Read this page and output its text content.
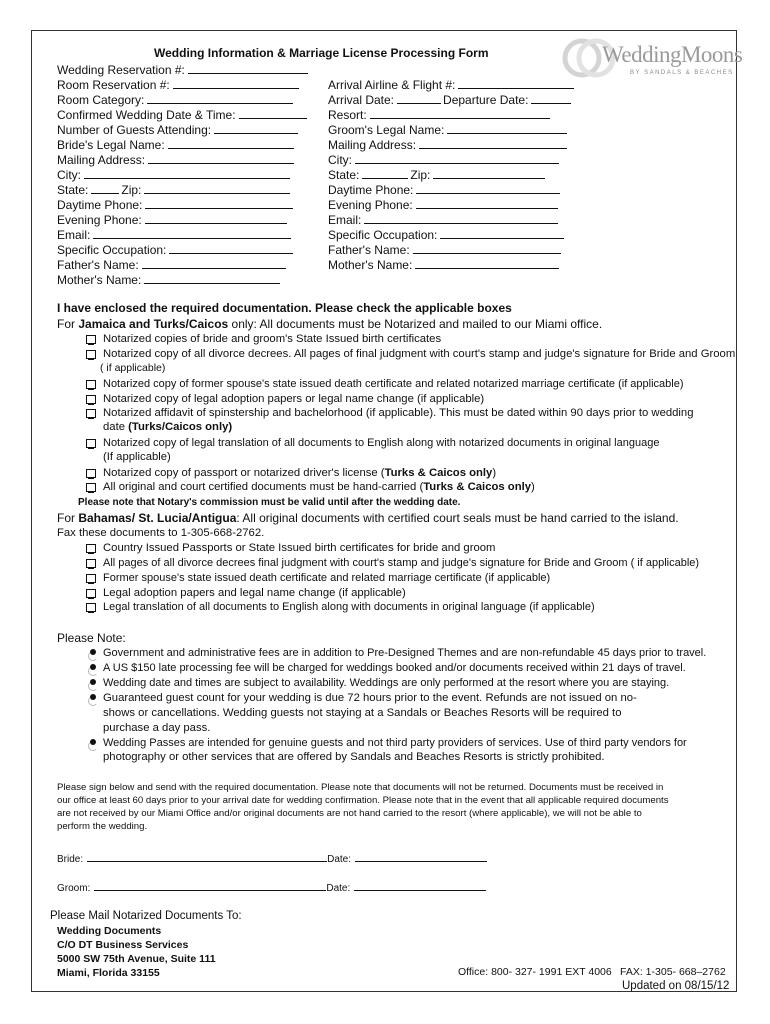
Wedding Information & Marriage License Processing Form	WeddingMoons
BY SANDALS & BEACHES
Wedding Reservation #:
Room Reservation #:
Room Category:
Confirmed Wedding Date & Time:
Number of Guests Attending:
Bride's Legal Name:
Mailing Address:
City:
State:	Zip:
Daytime Phone:
Evening Phone:
Email:
Specific Occupation:
Father's Name:
Mother's Name:
Arrival Airline & Flight #:
Arrival Date:	Departure Date:
Resort:
Groom's Legal Name:
Mailing Address:
City:
State:	Zip:
Daytime Phone:
Evening Phone:
Email:
Specific Occupation:
Father's Name:
Mother's Name:
I have enclosed the required documentation. Please check the applicable boxes
For Jamaica and Turks/Caicos only: All documents must be Notarized and mailed to our Miami office.
Notarized copies of bride and groom's State Issued birth certificates
Notarized copy of all divorce decrees. All pages of final judgment with court's stamp and judge's signature for Bride and Groom
( if applicable)
Notarized copy of former spouse's state issued death certificate and related notarized marriage certificate (if applicable)
Notarized copy of legal adoption papers or legal name change (if applicable)
Notarized affidavit of spinstership and bachelorhood (if applicable). This must be dated within 90 days prior to wedding
date (Turks/Caicos only)
Notarized copy of legal translation of all documents to English along with notarized documents in original language
(If applicable)
Notarized copy of passport or notarized driver's license (Turks & Caicos only)
All original and court certified documents must be hand-carried (Turks & Caicos only)
Please note that Notary's commission must be valid until after the wedding date.
For Bahamas/ St. Lucia/Antigua: All original documents with certified court seals must be hand carried to the island.
Fax these documents to 1-305-668-2762.
Country Issued Passports or State Issued birth certificates for bride and groom
All pages of all divorce decrees final judgment with court's stamp and judge's signature for Bride and Groom ( if applicable)
Former spouse's state issued death certificate and related marriage certificate (if applicable)
Legal adoption papers and legal name change (if applicable)
Legal translation of all documents to English along with documents in original language (if applicable)
Please Note:
Government and administrative fees are in addition to Pre-Designed Themes and are non-refundable 45 days prior to travel.
A US $150 late processing fee will be charged for weddings booked and/or documents received within 21 days of travel.
Wedding date and times are subject to availability. Weddings are only performed at the resort where you are staying.
Guaranteed guest count for your wedding is due 72 hours prior to the event. Refunds are not issued on no-
shows or cancellations. Wedding guests not staying at a Sandals or Beaches Resorts will be required to
purchase a day pass.
Wedding Passes are intended for genuine guests and not third party providers of services. Use of third party vendors for
photography or other services that are offered by Sandals and Beaches Resorts is strictly prohibited.
Please sign below and send with the required documentation. Please note that documents will not be returned. Documents must be received in
our office at least 60 days prior to your arrival date for wedding confirmation. Please note that in the event that all applicable required documents
are not received by our Miami Office and/or original documents are not hand carried to the resort (where applicable), we will not be able to
perform the wedding.
Bride:	Date:
Groom:	Date:
Please Mail Notarized Documents To:
Wedding Documents
C/O DT Business Services
5000 SW 75th Avenue, Suite 111
Miami, Florida 33155	Office: 800- 327- 1991 EXT 4006 FAX: 1-305- 668–2762
Updated on 08/15/12
